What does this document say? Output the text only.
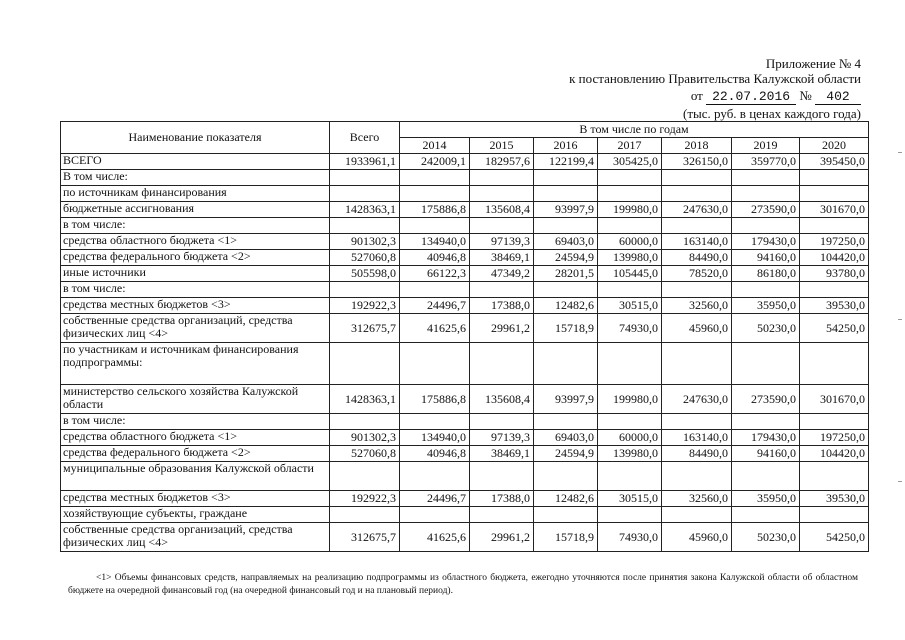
Приложение № 4
к постановлению Правительства Калужской области
от 22.07.2016 № 402
(тыс. руб. в ценах каждого года)
Наименование показателя	Всего	В том числе по годам						
		2014	2015	2016	2017	2018	2019	2020
ВСЕГО	1933961,1	242009,1	182957,6	122199,4	305425,0	326150,0	359770,0	395450,0
В том числе:								
по источникам финансирования								
бюджетные ассигнования	1428363,1	175886,8	135608,4	93997,9	199980,0	247630,0	273590,0	301670,0
в том числе:								
средства областного бюджета <1>	901302,3	134940,0	97139,3	69403,0	60000,0	163140,0	179430,0	197250,0
средства федерального бюджета <2>	527060,8	40946,8	38469,1	24594,9	139980,0	84490,0	94160,0	104420,0
иные источники	505598,0	66122,3	47349,2	28201,5	105445,0	78520,0	86180,0	93780,0
в том числе:								
средства местных бюджетов <3>	192922,3	24496,7	17388,0	12482,6	30515,0	32560,0	35950,0	39530,0
собственные средства организаций, средства физических лиц <4>	312675,7	41625,6	29961,2	15718,9	74930,0	45960,0	50230,0	54250,0
по участникам и источникам финансирования подпрограммы:								
министерство сельского хозяйства Калужской области	1428363,1	175886,8	135608,4	93997,9	199980,0	247630,0	273590,0	301670,0
в том числе:								
средства областного бюджета <1>	901302,3	134940,0	97139,3	69403,0	60000,0	163140,0	179430,0	197250,0
средства федерального бюджета <2>	527060,8	40946,8	38469,1	24594,9	139980,0	84490,0	94160,0	104420,0
муниципальные образования Калужской области								
средства местных бюджетов <3>	192922,3	24496,7	17388,0	12482,6	30515,0	32560,0	35950,0	39530,0
хозяйствующие субъекты, граждане								
собственные средства организаций, средства физических лиц <4>	312675,7	41625,6	29961,2	15718,9	74930,0	45960,0	50230,0	54250,0
<1> Объемы финансовых средств, направляемых на реализацию подпрограммы из областного бюджета, ежегодно уточняются после принятия закона Калужской области об областном бюджете на очередной финансовый год (на очередной финансовый год и на плановый период).
